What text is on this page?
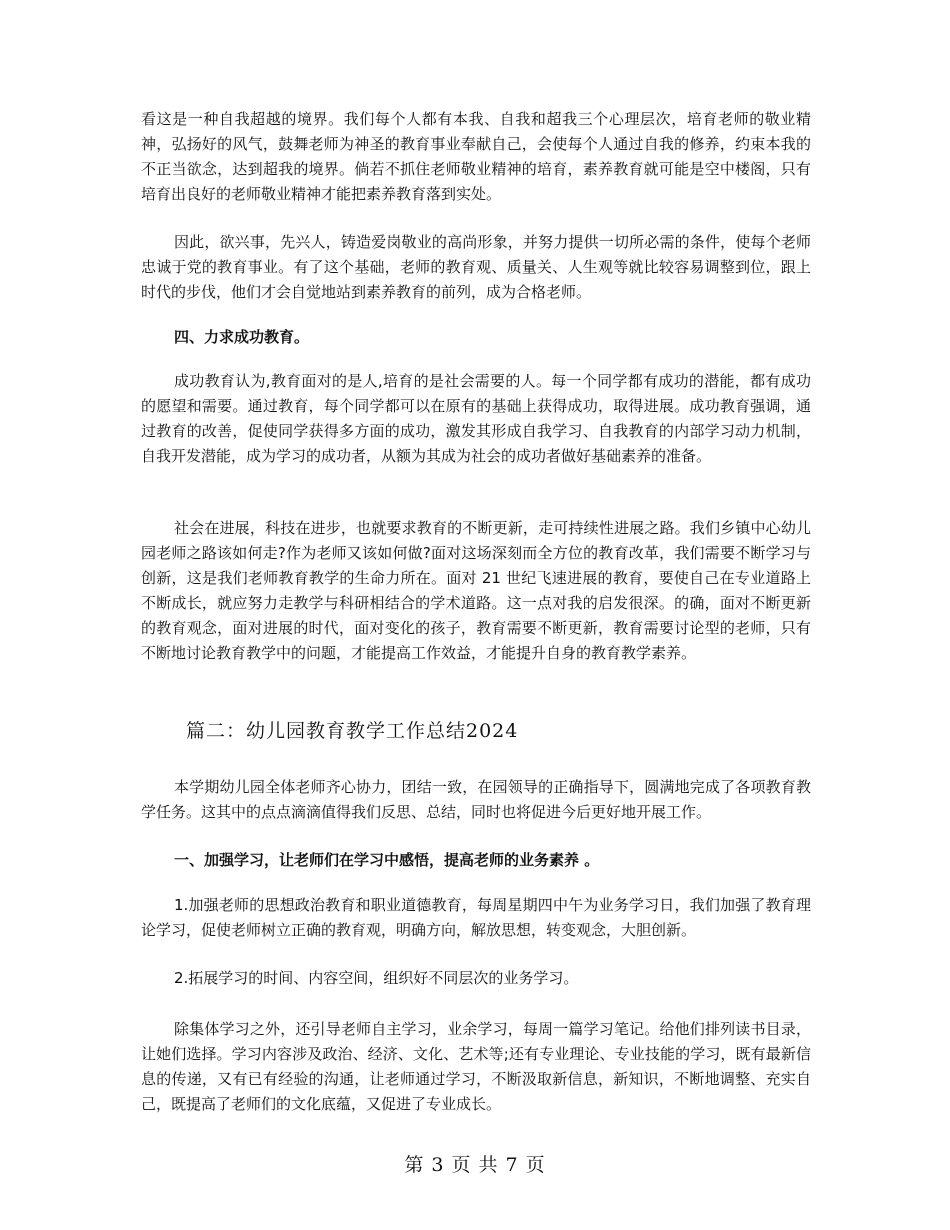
看这是一种自我超越的境界。我们每个人都有本我、自我和超我三个心理层次，培育老师的敬业精神，弘扬好的风气，鼓舞老师为神圣的教育事业奉献自己，会使每个人通过自我的修养，约束本我的不正当欲念，达到超我的境界。倘若不抓住老师敬业精神的培育，素养教育就可能是空中楼阁，只有培育出良好的老师敬业精神才能把素养教育落到实处。

因此，欲兴事，先兴人，铸造爱岗敬业的高尚形象，并努力提供一切所必需的条件，使每个老师忠诚于党的教育事业。有了这个基础，老师的教育观、质量关、人生观等就比较容易调整到位，跟上时代的步伐，他们才会自觉地站到素养教育的前列，成为合格老师。

四、力求成功教育。

成功教育认为,教育面对的是人,培育的是社会需要的人。每一个同学都有成功的潜能，都有成功的愿望和需要。通过教育，每个同学都可以在原有的基础上获得成功，取得进展。成功教育强调，通过教育的改善，促使同学获得多方面的成功，激发其形成自我学习、自我教育的内部学习动力机制，自我开发潜能，成为学习的成功者，从额为其成为社会的成功者做好基础素养的准备。

社会在进展，科技在进步，也就要求教育的不断更新，走可持续性进展之路。我们乡镇中心幼儿园老师之路该如何走?作为老师又该如何做?面对这场深刻而全方位的教育改革，我们需要不断学习与创新，这是我们老师教育教学的生命力所在。面对 21 世纪飞速进展的教育，要使自己在专业道路上不断成长，就应努力走教学与科研相结合的学术道路。这一点对我的启发很深。的确，面对不断更新的教育观念，面对进展的时代，面对变化的孩子，教育需要不断更新，教育需要讨论型的老师，只有不断地讨论教育教学中的问题，才能提高工作效益，才能提升自身的教育教学素养。

篇二：幼儿园教育教学工作总结2024

本学期幼儿园全体老师齐心协力，团结一致，在园领导的正确指导下，圆满地完成了各项教育教学任务。这其中的点点滴滴值得我们反思、总结，同时也将促进今后更好地开展工作。

一、加强学习，让老师们在学习中感悟，提高老师的业务素养 。

1.加强老师的思想政治教育和职业道德教育，每周星期四中午为业务学习日，我们加强了教育理论学习，促使老师树立正确的教育观，明确方向，解放思想，转变观念，大胆创新。

2.拓展学习的时间、内容空间，组织好不同层次的业务学习。

除集体学习之外，还引导老师自主学习，业余学习，每周一篇学习笔记。给他们排列读书目录，让她们选择。学习内容涉及政治、经济、文化、艺术等;还有专业理论、专业技能的学习，既有最新信息的传递，又有已有经验的沟通，让老师通过学习，不断汲取新信息，新知识，不断地调整、充实自己，既提高了老师们的文化底蕴，又促进了专业成长。

第 3 页 共 7 页
